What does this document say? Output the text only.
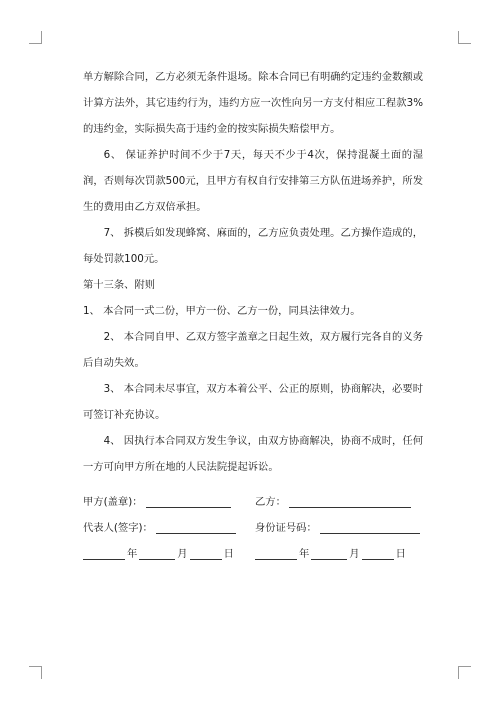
单方解除合同，乙方必须无条件退场。除本合同已有明确约定违约金数额或计算方法外，其它违约行为，违约方应一次性向另一方支付相应工程款3%的违约金，实际损失高于违约金的按实际损失赔偿甲方。

6、 保证养护时间不少于7天，每天不少于4次，保持混凝土面的湿润，否则每次罚款500元，且甲方有权自行安排第三方队伍进场养护，所发生的费用由乙方双倍承担。

7、 拆模后如发现蜂窝、麻面的，乙方应负责处理。乙方操作造成的，每处罚款100元。

第十三条、附则

1、 本合同一式二份，甲方一份、乙方一份，同具法律效力。

2、 本合同自甲、乙双方签字盖章之日起生效，双方履行完各自的义务后自动失效。

3、 本合同未尽事宜，双方本着公平、公正的原则，协商解决，必要时可签订补充协议。

4、 因执行本合同双方发生争议，由双方协商解决，协商不成时，任何一方可向甲方所在地的人民法院提起诉讼。

甲方(盖章)：	乙方：
代表人(签字)：	身份证号码：
年	月	日	年	月	日
